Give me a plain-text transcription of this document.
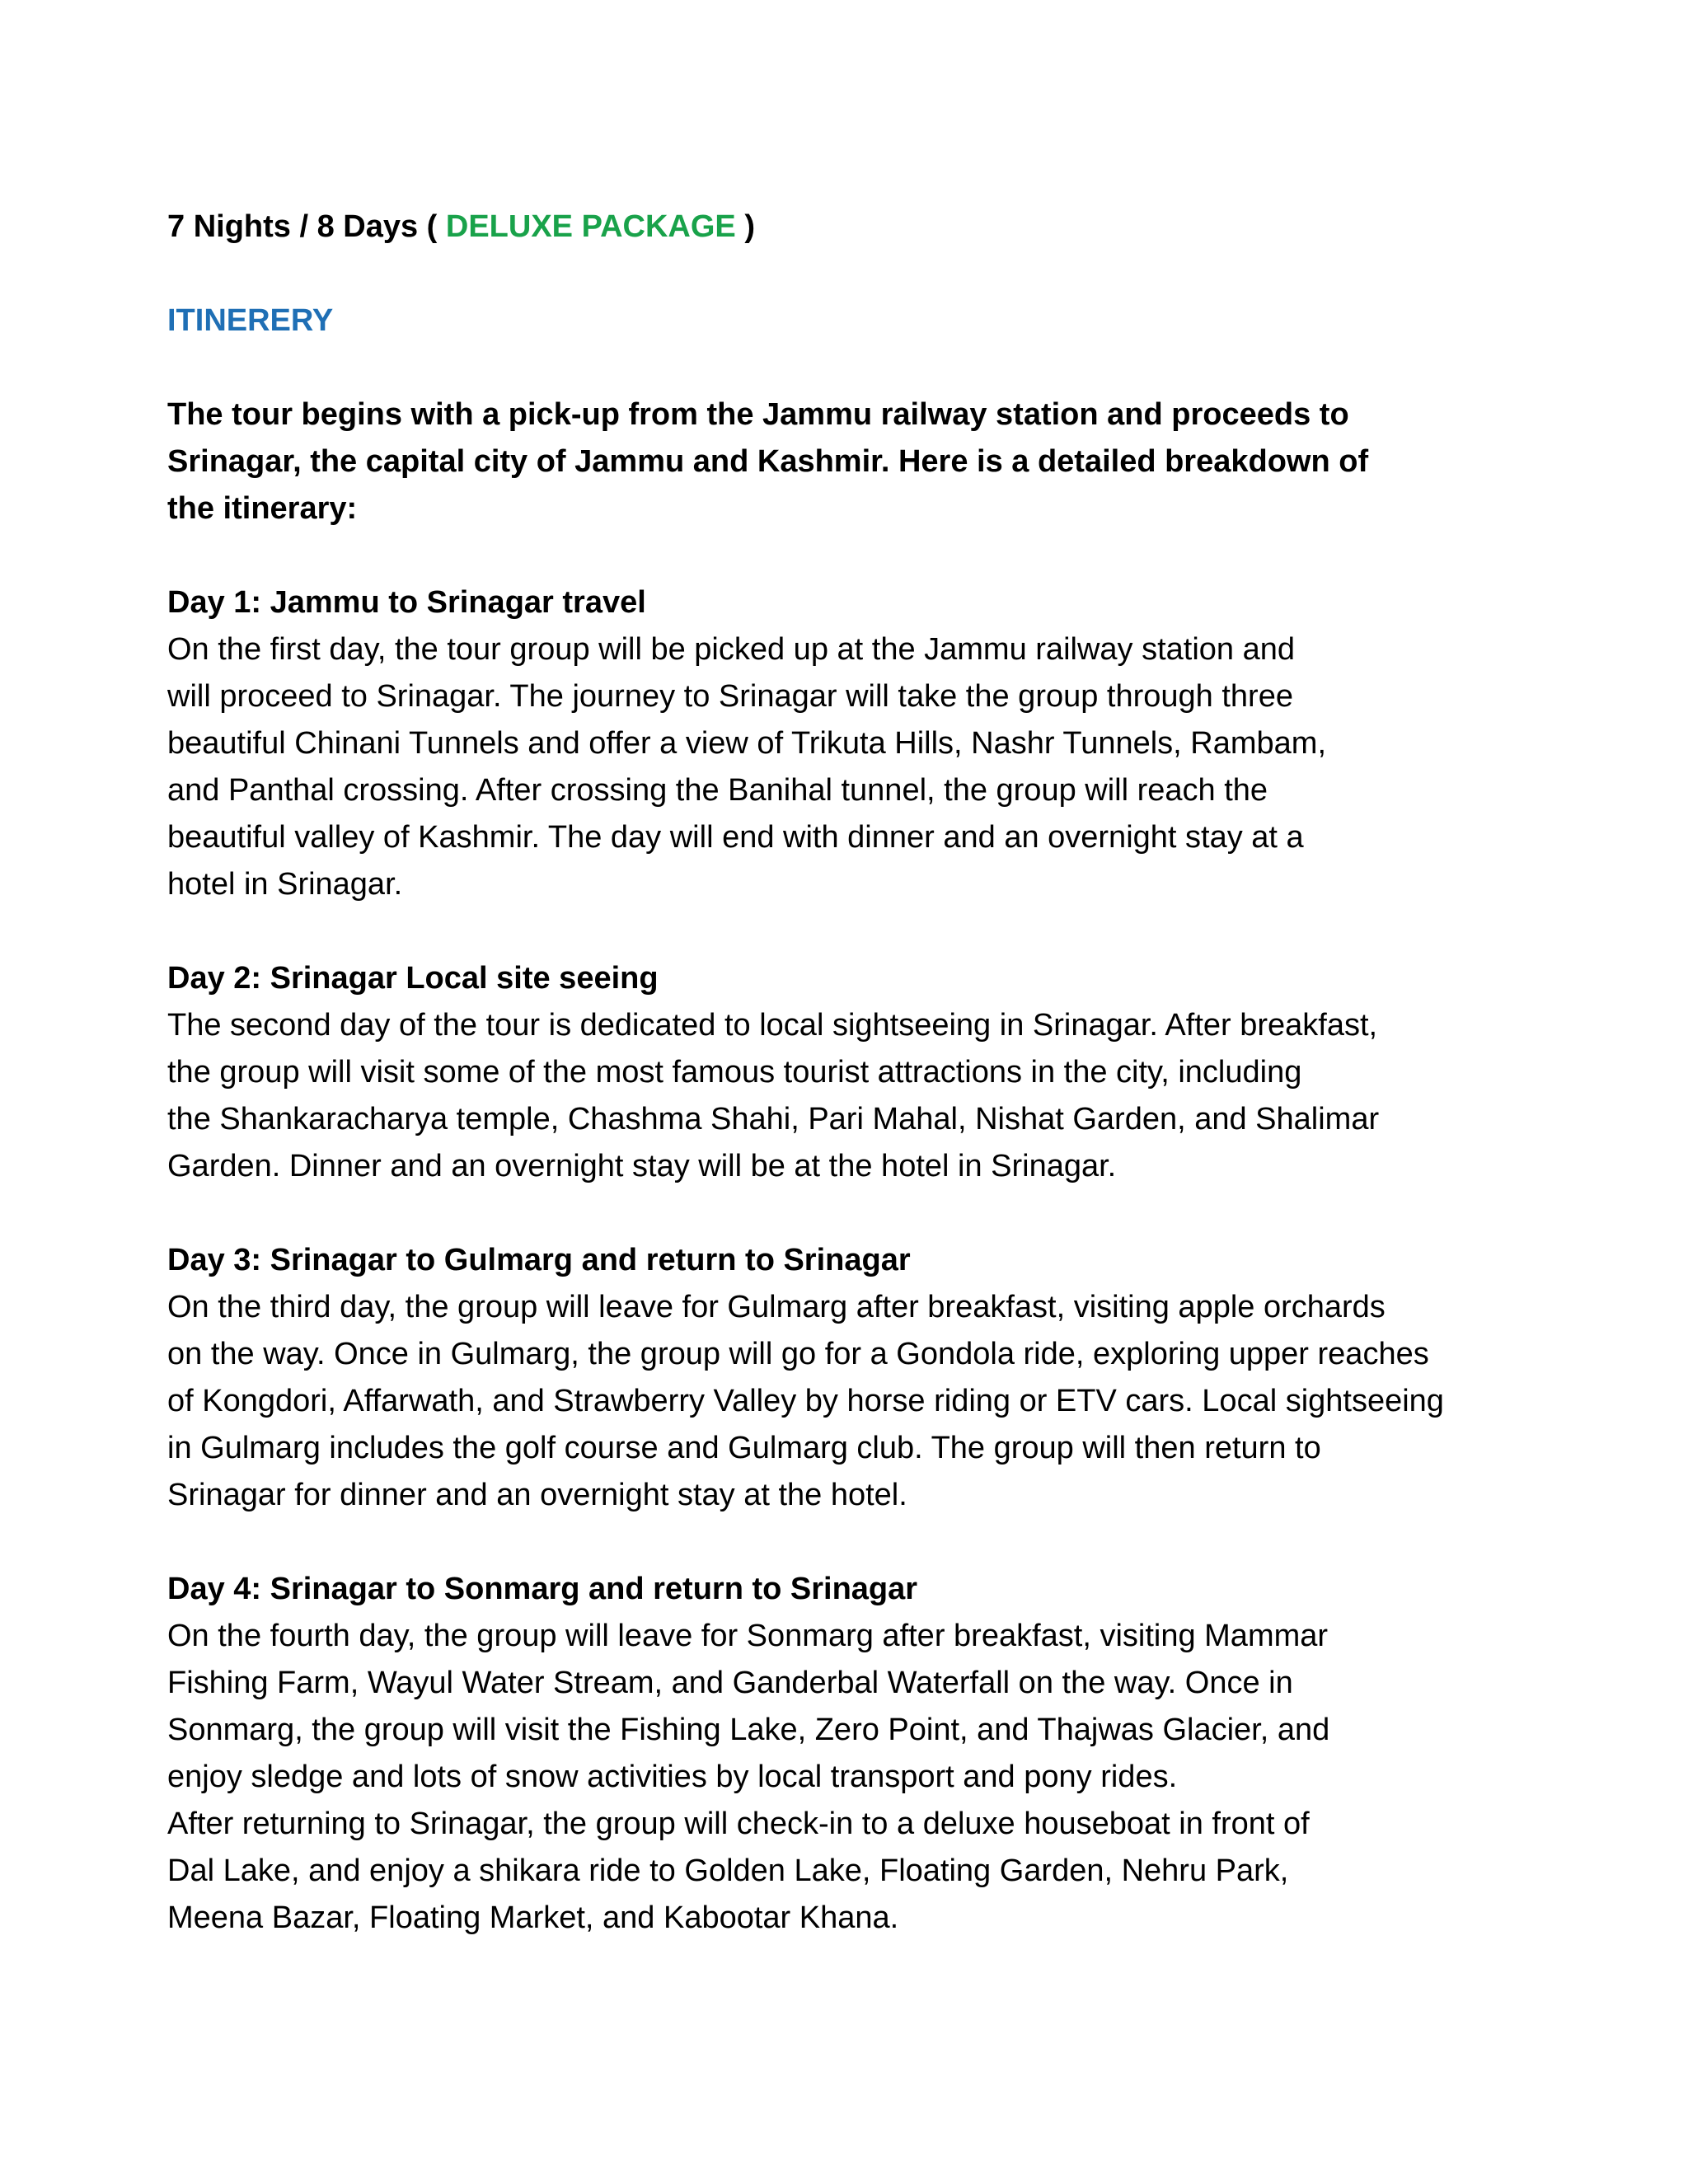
7 Nights / 8 Days ( DELUXE PACKAGE )
ITINERERY
The tour begins with a pick-up from the Jammu railway station and proceeds to
Srinagar, the capital city of Jammu and Kashmir. Here is a detailed breakdown of
the itinerary:
Day 1: Jammu to Srinagar travel
On the first day, the tour group will be picked up at the Jammu railway station and
will proceed to Srinagar. The journey to Srinagar will take the group through three
beautiful Chinani Tunnels and offer a view of Trikuta Hills, Nashr Tunnels, Rambam,
and Panthal crossing. After crossing the Banihal tunnel, the group will reach the
beautiful valley of Kashmir. The day will end with dinner and an overnight stay at a
hotel in Srinagar.
Day 2: Srinagar Local site seeing
The second day of the tour is dedicated to local sightseeing in Srinagar. After breakfast,
the group will visit some of the most famous tourist attractions in the city, including
the Shankaracharya temple, Chashma Shahi, Pari Mahal, Nishat Garden, and Shalimar
Garden. Dinner and an overnight stay will be at the hotel in Srinagar.
Day 3: Srinagar to Gulmarg and return to Srinagar
On the third day, the group will leave for Gulmarg after breakfast, visiting apple orchards
on the way. Once in Gulmarg, the group will go for a Gondola ride, exploring upper reaches
of Kongdori, Affarwath, and Strawberry Valley by horse riding or ETV cars. Local sightseeing
in Gulmarg includes the golf course and Gulmarg club. The group will then return to
Srinagar for dinner and an overnight stay at the hotel.
Day 4: Srinagar to Sonmarg and return to Srinagar
On the fourth day, the group will leave for Sonmarg after breakfast, visiting Mammar
Fishing Farm, Wayul Water Stream, and Ganderbal Waterfall on the way. Once in
Sonmarg, the group will visit the Fishing Lake, Zero Point, and Thajwas Glacier, and
enjoy sledge and lots of snow activities by local transport and pony rides.
After returning to Srinagar, the group will check-in to a deluxe houseboat in front of
Dal Lake, and enjoy a shikara ride to Golden Lake, Floating Garden, Nehru Park,
Meena Bazar, Floating Market, and Kabootar Khana.
